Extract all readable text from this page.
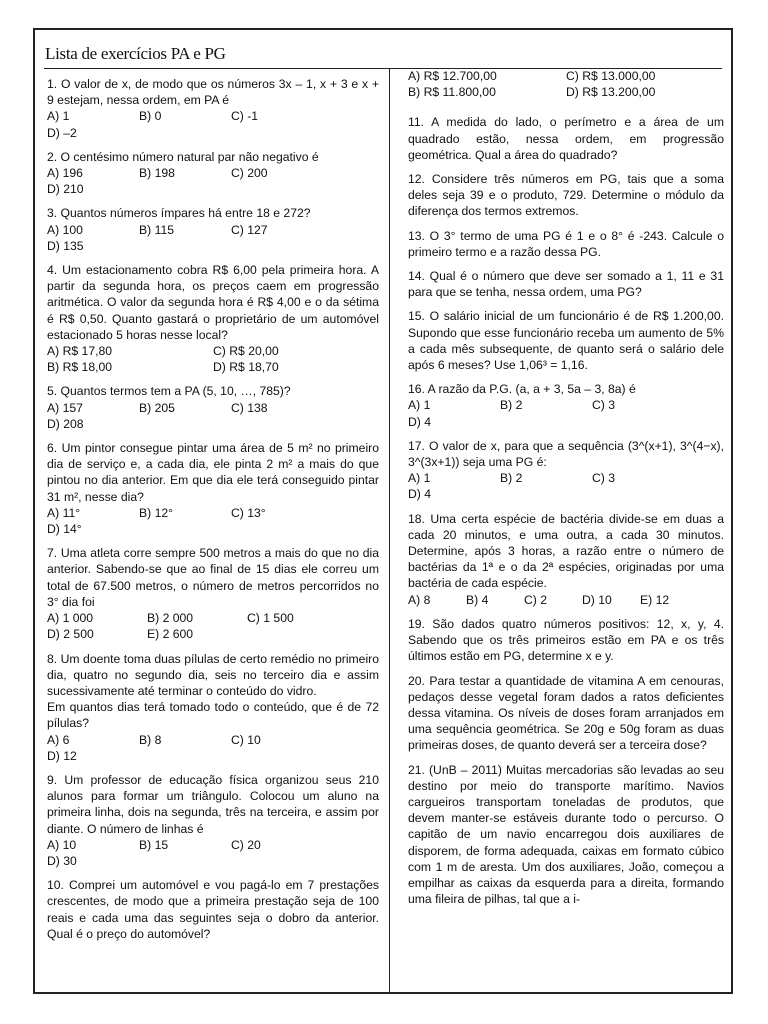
Lista de exercícios PA e PG
1. O valor de x, de modo que os números 3x – 1, x + 3 e x + 9 estejam, nessa ordem, em PA é
A) 1	B) 0	C) -1
D) –2
2. O centésimo número natural par não negativo é
A) 196	B) 198	C) 200
D) 210
3. Quantos números ímpares há entre 18 e 272?
A) 100	B) 115	C) 127
D) 135
4. Um estacionamento cobra R$ 6,00 pela primeira hora. A partir da segunda hora, os preços caem em progressão aritmética. O valor da segunda hora é R$ 4,00 e o da sétima é R$ 0,50. Quanto gastará o proprietário de um automóvel estacionado 5 horas nesse local?
A) R$ 17,80	C) R$ 20,00
B) R$ 18,00	D) R$ 18,70
5. Quantos termos tem a PA (5, 10, …, 785)?
A) 157	B) 205	C) 138
D) 208
6. Um pintor consegue pintar uma área de 5 m² no primeiro dia de serviço e, a cada dia, ele pinta 2 m² a mais do que pintou no dia anterior. Em que dia ele terá conseguido pintar 31 m², nesse dia?
A) 11°	B) 12°	C) 13°
D) 14°
7. Uma atleta corre sempre 500 metros a mais do que no dia anterior. Sabendo-se que ao final de 15 dias ele correu um total de 67.500 metros, o número de metros percorridos no 3° dia foi
A) 1 000	B) 2 000	C) 1 500
D) 2 500	E) 2 600
8. Um doente toma duas pílulas de certo remédio no primeiro dia, quatro no segundo dia, seis no terceiro dia e assim sucessivamente até terminar o conteúdo do vidro.
Em quantos dias terá tomado todo o conteúdo, que é de 72 pílulas?
A) 6	B) 8	C) 10
D) 12
9. Um professor de educação física organizou seus 210 alunos para formar um triângulo. Colocou um aluno na primeira linha, dois na segunda, três na terceira, e assim por diante. O número de linhas é
A) 10	B) 15	C) 20
D) 30
10. Comprei um automóvel e vou pagá-lo em 7 prestações crescentes, de modo que a primeira prestação seja de 100 reais e cada uma das seguintes seja o dobro da anterior. Qual é o preço do automóvel?
A) R$ 12.700,00	C) R$ 13.000,00
B) R$ 11.800,00	D) R$ 13.200,00
11. A medida do lado, o perímetro e a área de um quadrado estão, nessa ordem, em progressão geométrica. Qual a área do quadrado?
12. Considere três números em PG, tais que a soma deles seja 39 e o produto, 729. Determine o módulo da diferença dos termos extremos.
13. O 3° termo de uma PG é 1 e o 8° é -243. Calcule o primeiro termo e a razão dessa PG.
14. Qual é o número que deve ser somado a 1, 11 e 31 para que se tenha, nessa ordem, uma PG?
15. O salário inicial de um funcionário é de R$ 1.200,00. Supondo que esse funcionário receba um aumento de 5% a cada mês subsequente, de quanto será o salário dele após 6 meses? Use 1,06³ = 1,16.
16. A razão da P.G. (a, a + 3, 5a – 3, 8a) é
A) 1	B) 2	C) 3
D) 4
17. O valor de x, para que a sequência (3^(x+1), 3^(4−x), 3^(3x+1)) seja uma PG é:
A) 1	B) 2	C) 3
D) 4
18. Uma certa espécie de bactéria divide-se em duas a cada 20 minutos, e uma outra, a cada 30 minutos. Determine, após 3 horas, a razão entre o número de bactérias da 1ª e o da 2ª espécies, originadas por uma bactéria de cada espécie.
A) 8	B) 4	C) 2	D) 10	E) 12
19. São dados quatro números positivos: 12, x, y, 4. Sabendo que os três primeiros estão em PA e os três últimos estão em PG, determine x e y.
20. Para testar a quantidade de vitamina A em cenouras, pedaços desse vegetal foram dados a ratos deficientes dessa vitamina. Os níveis de doses foram arranjados em uma sequência geométrica. Se 20g e 50g foram as duas primeiras doses, de quanto deverá ser a terceira dose?
21. (UnB – 2011) Muitas mercadorias são levadas ao seu destino por meio do transporte marítimo. Navios cargueiros transportam toneladas de produtos, que devem manter-se estáveis durante todo o percurso. O capitão de um navio encarregou dois auxiliares de disporem, de forma adequada, caixas em formato cúbico com 1 m de aresta. Um dos auxiliares, João, começou a empilhar as caixas da esquerda para a direita, formando uma fileira de pilhas, tal que a i-
